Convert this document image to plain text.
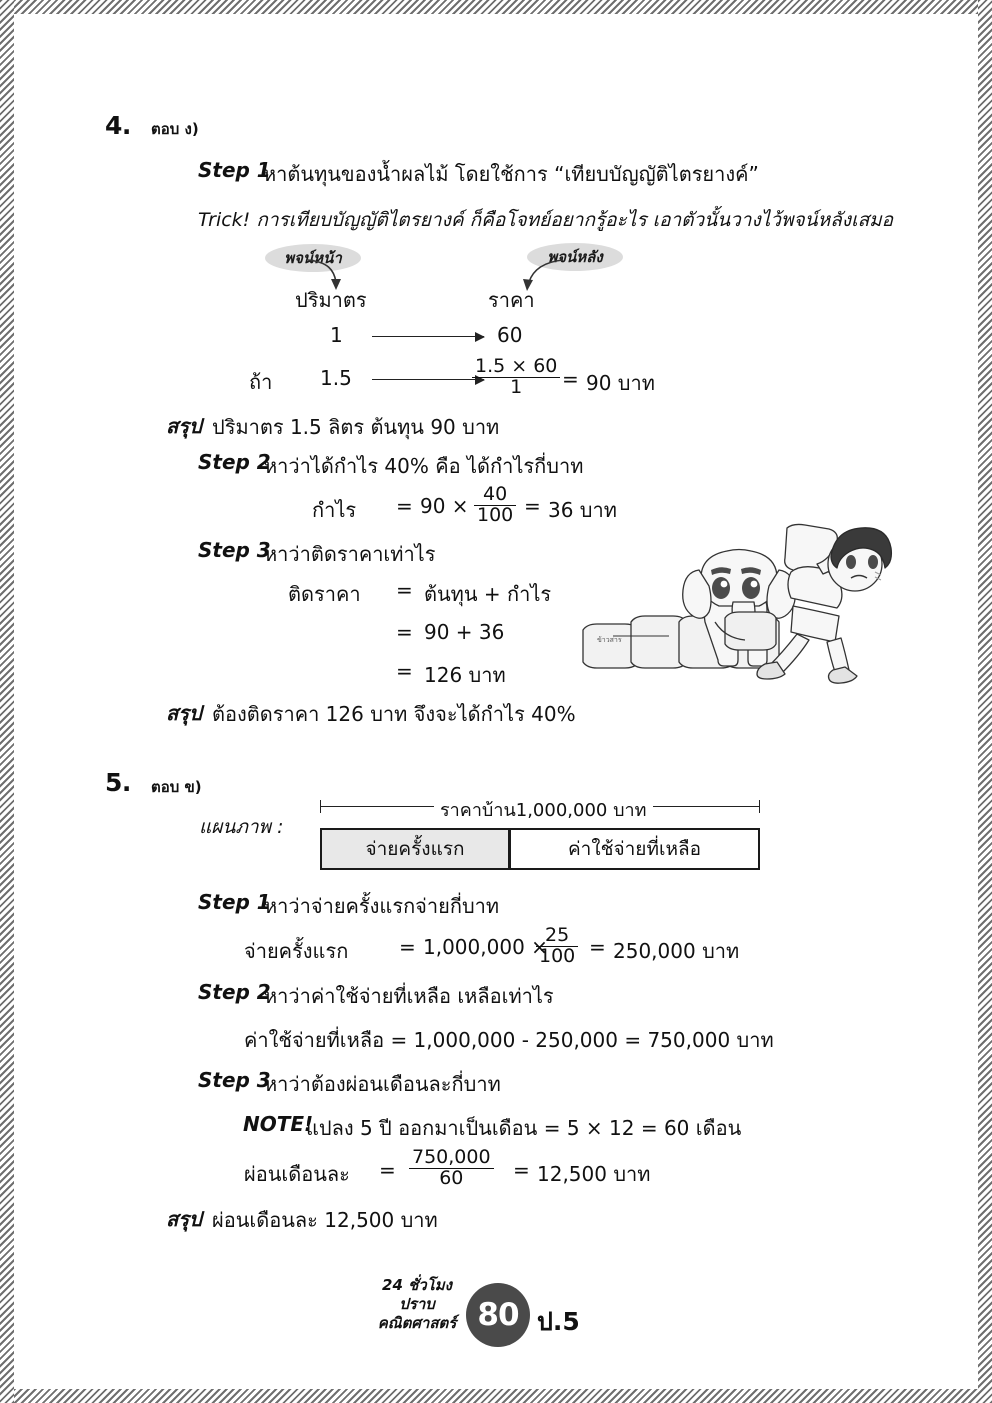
4. ตอบ ง)
Step 1
หาต้นทุนของน้ำผลไม้ โดยใช้การ “เทียบบัญญัติไตรยางค์”
Trick! การเทียบบัญญัติไตรยางค์ ก็คือโจทย์อยากรู้อะไร เอาตัวนั้นวางไว้พจน์หลังเสมอ
พจน์หน้า	พจน์หลัง
ปริมาตร	ราคา
1	60
ถ้า 1.5	$\frac{1.5 \times 60}{1} = 90$ บาท
สรุป ปริมาตร 1.5 ลิตร ต้นทุน 90 บาท
Step 2
หาว่าได้กำไร 40% คือ ได้กำไรกี่บาท
กำไร = $90 \times \frac{40}{100} = 36$ บาท
Step 3
หาว่าติดราคาเท่าไร
ติดราคา = ต้นทุน + กำไร
= 90 + 36
= 126 บาท
สรุป ต้องติดราคา 126 บาท จึงจะได้กำไร 40%
ข้าวสาร
5. ตอบ ข)
แผนภาพ :
ราคาบ้าน1,000,000 บาท
จ่ายครั้งแรก	ค่าใช้จ่ายที่เหลือ
Step 1
หาว่าจ่ายครั้งแรกจ่ายกี่บาท
จ่ายครั้งแรก	= 1,000,000 ×
$\frac{25}{100} = 250,000$ บาท
Step 2
หาว่าค่าใช้จ่ายที่เหลือ เหลือเท่าไร
ค่าใช้จ่ายที่เหลือ = 1,000,000 - 250,000 = 750,000 บาท
Step 3
หาว่าต้องผ่อนเดือนละกี่บาท
NOTE!
แปลง 5 ปี ออกมาเป็นเดือน = 5 × 12 = 60 เดือน
ผ่อนเดือนละ = $\frac{750,000}{60} = 12,500$ บาท
สรุป ผ่อนเดือนละ 12,500 บาท
24 ชั่วโมง
ปราบ
คณิตศาสตร์ 80 ป.5
